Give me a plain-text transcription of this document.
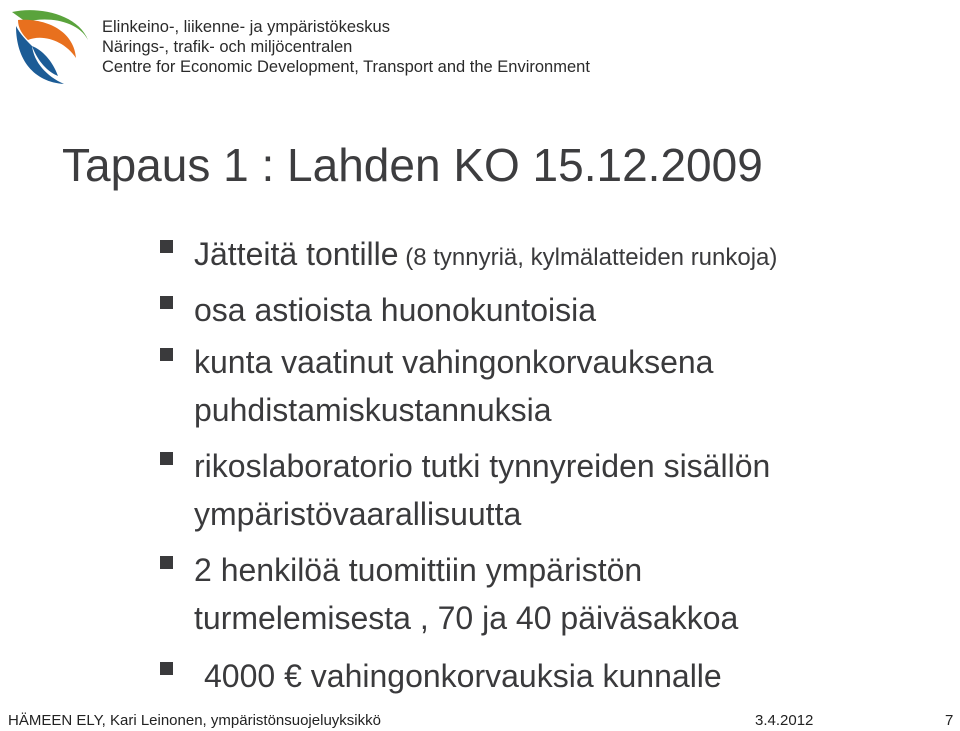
Elinkeino-, liikenne- ja ympäristökeskus
Närings-, trafik- och miljöcentralen
Centre for Economic Development, Transport and the Environment
Tapaus 1 : Lahden KO 15.12.2009
Jätteitä tontille (8 tynnyriä, kylmälatteiden runkoja)
osa astioista huonokuntoisia
kunta vaatinut vahingonkorvauksena
puhdistamiskustannuksia
rikoslaboratorio tutki tynnyreiden sisällön
ympäristövaarallisuutta
2 henkilöä tuomittiin ympäristön
turmelemisesta , 70 ja 40 päiväsakkoa
4000 € vahingonkorvauksia kunnalle
HÄMEEN ELY, Kari Leinonen, ympäristönsuojeluyksikkö	3.4.2012	7
